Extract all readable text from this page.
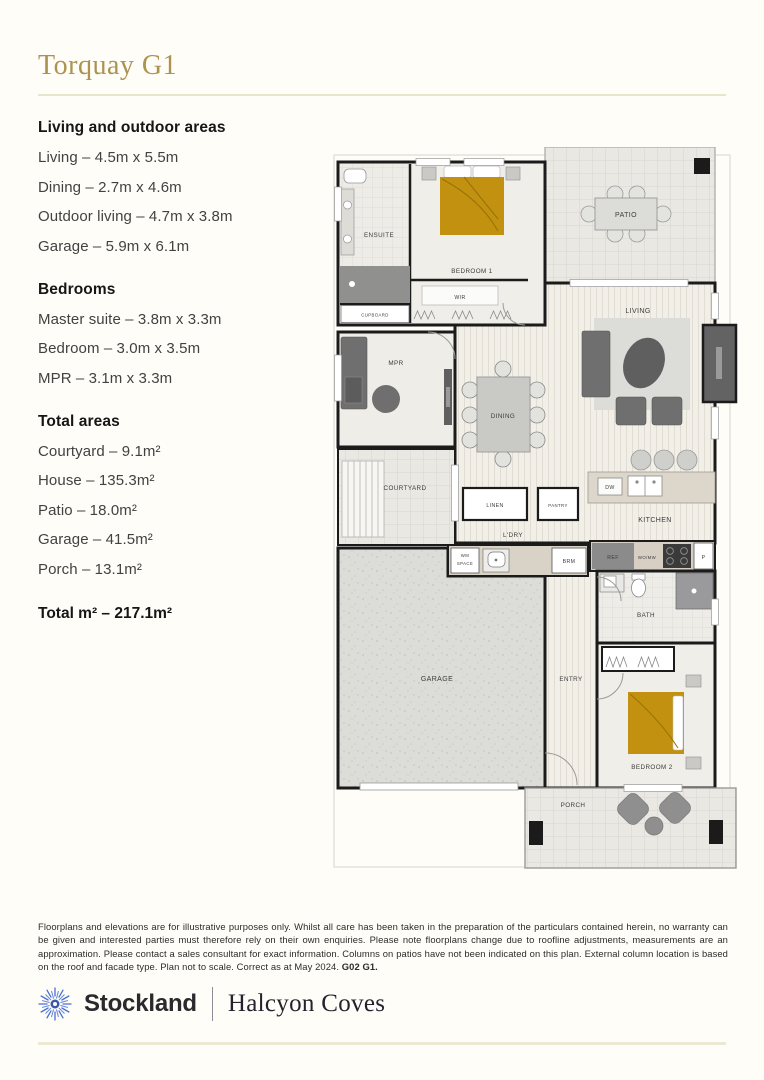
Torquay G1
Living and outdoor areas

Living – 4.5m x 5.5m

Dining – 2.7m x 4.6m

Outdoor living – 4.7m x 3.8m

Garage – 5.9m x 6.1m

Bedrooms

Master suite – 3.8m x 3.3m

Bedroom – 3.0m x 3.5m

MPR – 3.1m x 3.3m

Total areas

Courtyard – 9.1m²

House – 135.3m²

Patio – 18.0m²

Garage – 41.5m²

Porch – 13.1m²

Total m² – 217.1m²

PATIO
LIVING
DINING
DW
KITCHEN
LINEN	PANTRY
L'DRY
ENSUITE
CUPBOARD
BEDROOM 1
WIR
MPR
COURTYARD
GARAGE	ENTRY
WM
SPACE	BRM
REF	WO/MW	P
BATH
BEDROOM 2
PORCH

Floorplans and elevations are for illustrative purposes only. Whilst all care has been taken in the preparation of the particulars contained herein, no warranty can be given and interested parties must therefore rely on their own enquiries. Please note floorplans change due to roofline adjustments, measurements are an approximation. Please contact a sales consultant for exact information. Columns on patios have not been indicated on this plan. External column location is based on the roof and facade type. Plan not to scale. Correct as at May 2024. G02 G1.

Stockland Halcyon Coves
